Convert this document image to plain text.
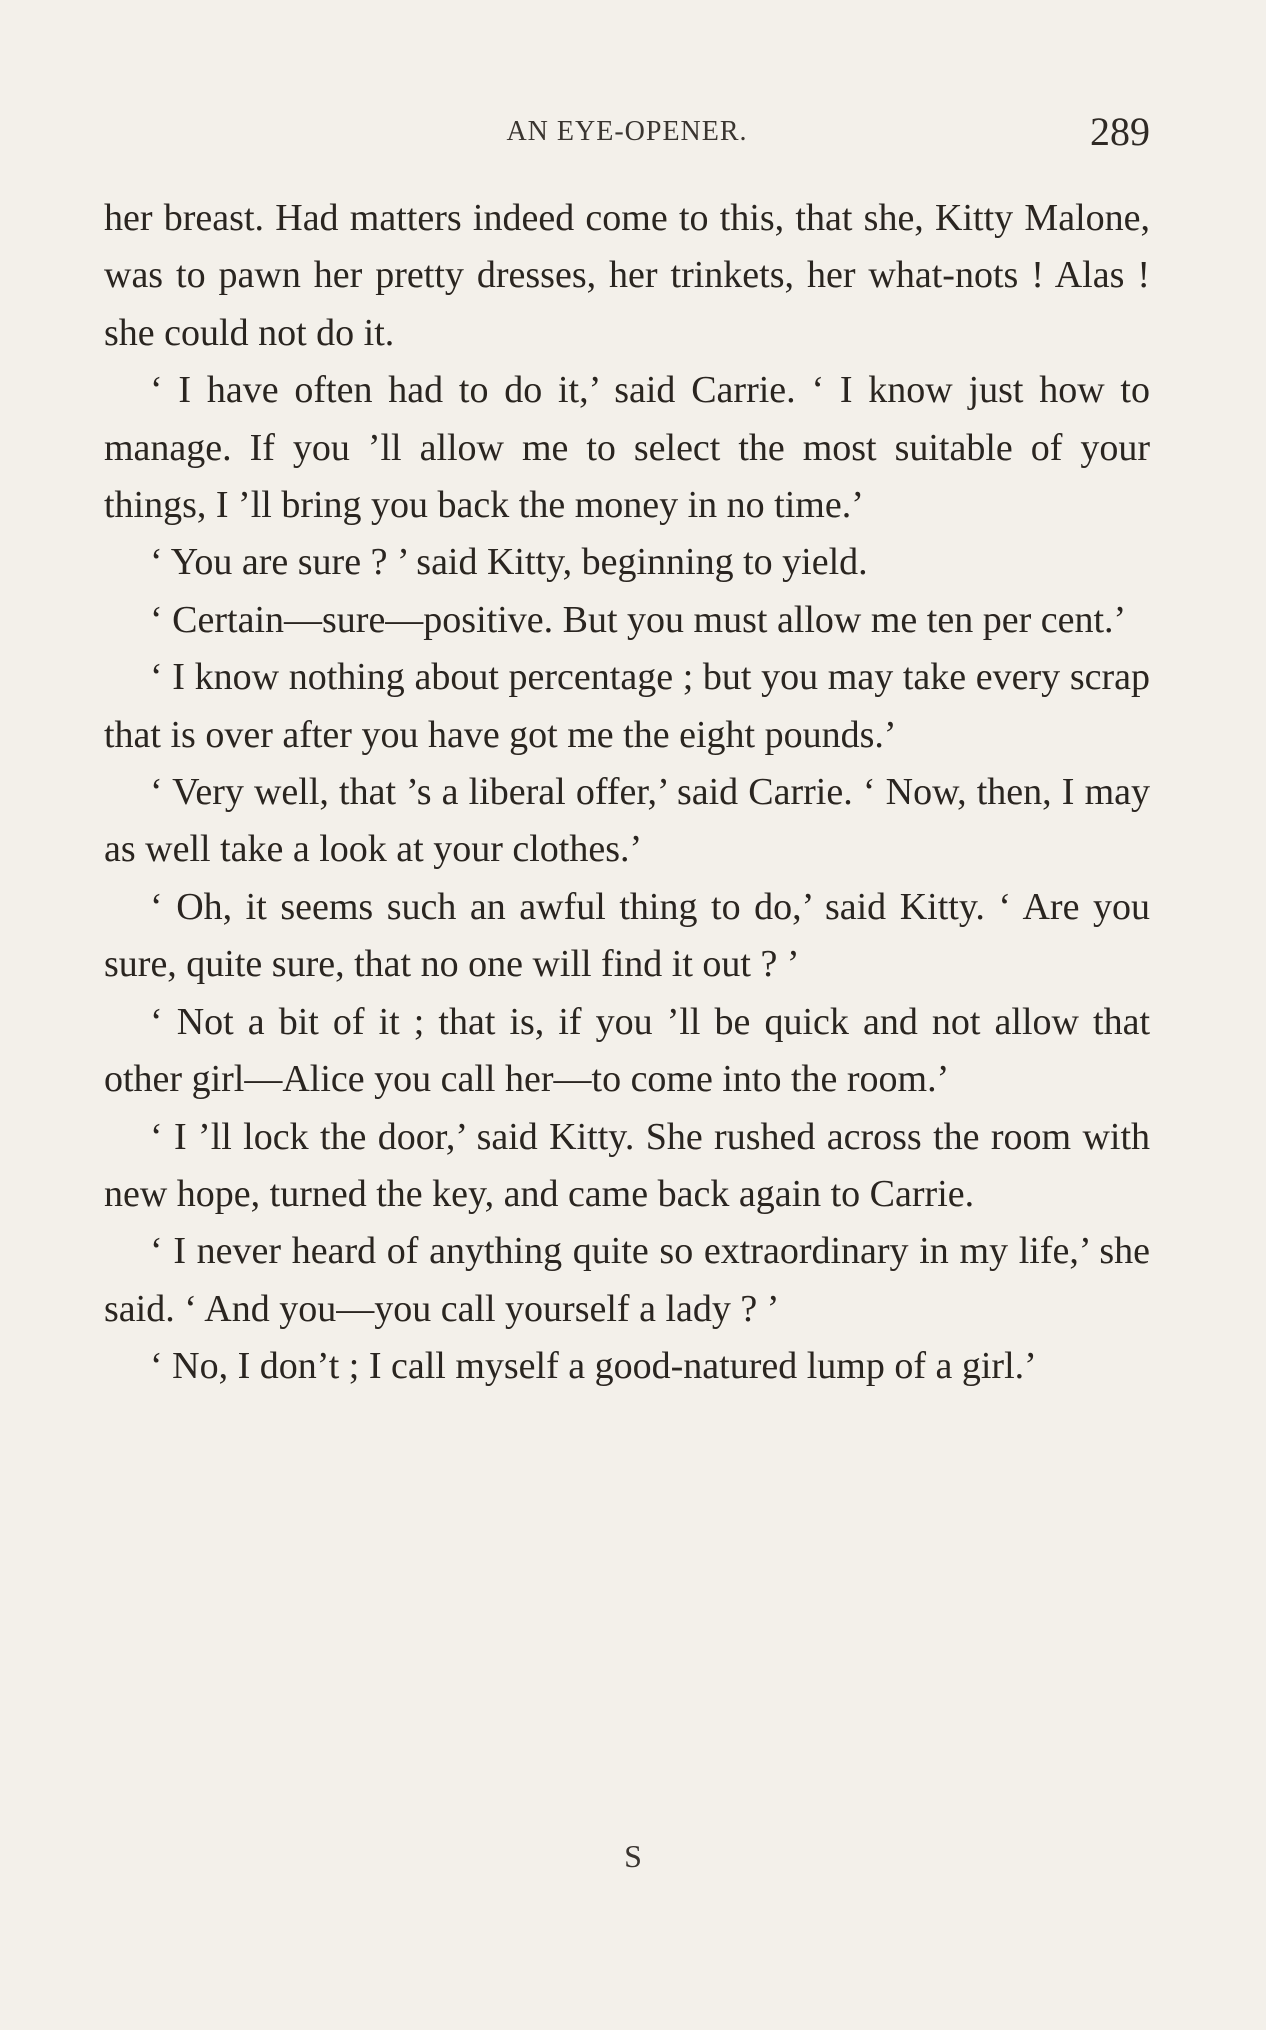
AN EYE-OPENER.	289

her breast. Had matters indeed come to this, that she, Kitty Malone, was to pawn her pretty dresses, her trinkets, her what-nots ! Alas ! she could not do it.

‘ I have often had to do it,’ said Carrie. ‘ I know just how to manage. If you ’ll allow me to select the most suitable of your things, I ’ll bring you back the money in no time.’

‘ You are sure ? ’ said Kitty, beginning to yield.

‘ Certain—sure—positive. But you must allow me ten per cent.’

‘ I know nothing about percentage ; but you may take every scrap that is over after you have got me the eight pounds.’

‘ Very well, that ’s a liberal offer,’ said Carrie. ‘ Now, then, I may as well take a look at your clothes.’

‘ Oh, it seems such an awful thing to do,’ said Kitty. ‘ Are you sure, quite sure, that no one will find it out ? ’

‘ Not a bit of it ; that is, if you ’ll be quick and not allow that other girl—Alice you call her—to come into the room.’

‘ I ’ll lock the door,’ said Kitty. She rushed across the room with new hope, turned the key, and came back again to Carrie.

‘ I never heard of anything quite so extraordinary in my life,’ she said. ‘ And you—you call yourself a lady ? ’

‘ No, I don’t ; I call myself a good-natured lump of a girl.’

S
